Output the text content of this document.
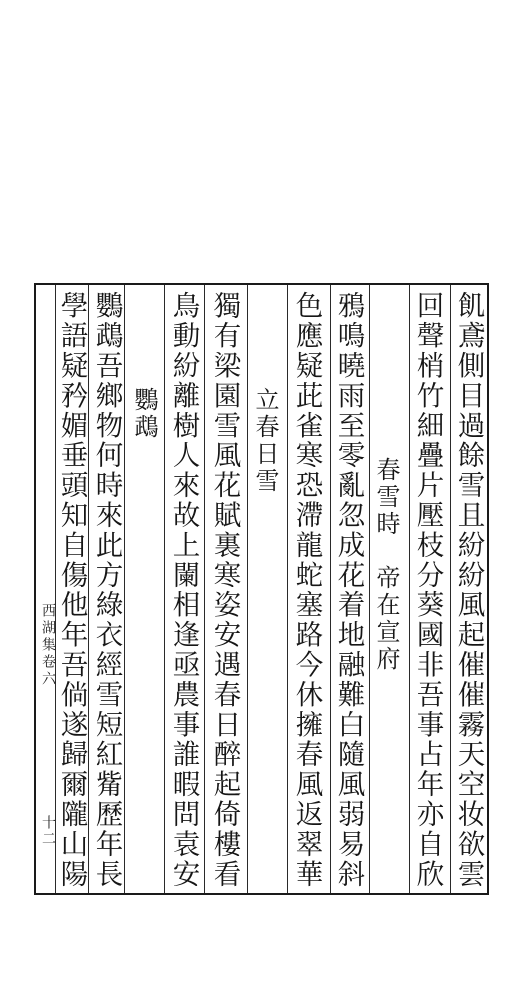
西湖集卷六
十二	飢鳶側目過餘雪且紛紛風起催催霧天空妆欲雲
回聲梢竹細疊片壓枝分葵國非吾事占年亦自欣
春雪時　帝在宣府
鴉鳴曉雨至零亂忽成花着地融難白隨風弱易斜
色應疑茈雀寒恐滯龍蛇塞路今休擁春風返翠華
立春日雪
獨有梁園雪風花賦裏寒姿安遇春日醉起倚樓看
鳥動紛離樹人來故上闌相逢亟農事誰暇問袁安
鸚鵡
鸚鵡吾鄉物何時來此方綠衣經雪短紅觜歷年長
學語疑矜媚垂頭知自傷他年吾倘遂歸爾隴山陽
